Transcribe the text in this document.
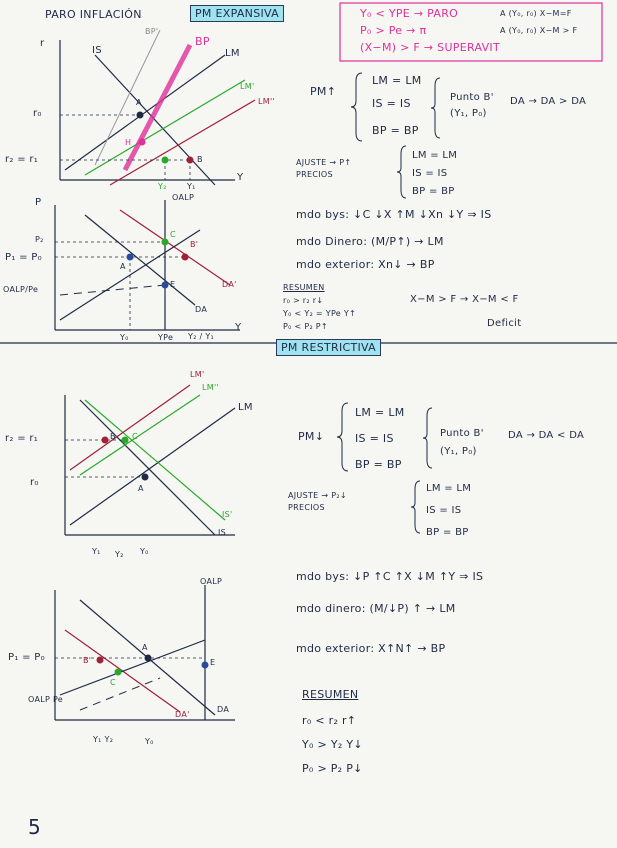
PARO INFLACIÓN	PM EXPANSIVA	Y₀ < YPE → PARO
P₀ > Pe → π
(X−M) > F → SUPERAVIT
A (Y₀, r₀) X−M=F
A (Y₀, r₀) X−M > F
r
Y
IS	LM
LM'
LM''
BP
BP'
r₀
r₂ = r₁
A
B
H
Y₂	Y₁
OALP
P
Y
P₂
P₁ = P₀
OALP/Pe
A
B'
C
E
DA
DA'
Y₀	YPe Y₂ / Y₁
PM↑
LM = LM
IS = IS
BP = BP
Punto B'
(Y₁, P₀)
DA → DA > DA
AJUSTE → P↑
PRECIOS
LM = LM
IS = IS
BP = BP
mdo bys: ↓C ↓X ↑M ↓Xn ↓Y ⇒ IS
mdo Dinero: (M/P↑) → LM
mdo exterior: Xn↓ → BP
RESUMEN
r₀ > r₂ r↓
Y₀ < Y₂ = YPe Y↑
P₀ < P₂ P↑
X−M > F → X−M < F
Deficit
PM RESTRICTIVA
r₂ = r₁
r₀
LM
LM'
LM''
IS
IS'
A
B C
Y₁ Y₂ Y₀
PM↓
LM = LM
IS = IS
BP = BP
Punto B'
(Y₁, P₀)
DA → DA < DA
AJUSTE → P₂↓
PRECIOS
LM = LM
IS = IS
BP = BP
OALP
P₁ = P₀
A
B'
C
E
DA
DA'
OALP Pe
Y₁ Y₂	Y₀
mdo bys: ↓P ↑C ↑X ↓M ↑Y ⇒ IS
mdo dinero: (M/↓P) ↑ → LM
mdo exterior: X↑N↑ → BP
RESUMEN
r₀ < r₂ r↑
Y₀ > Y₂ Y↓
P₀ > P₂ P↓
5
